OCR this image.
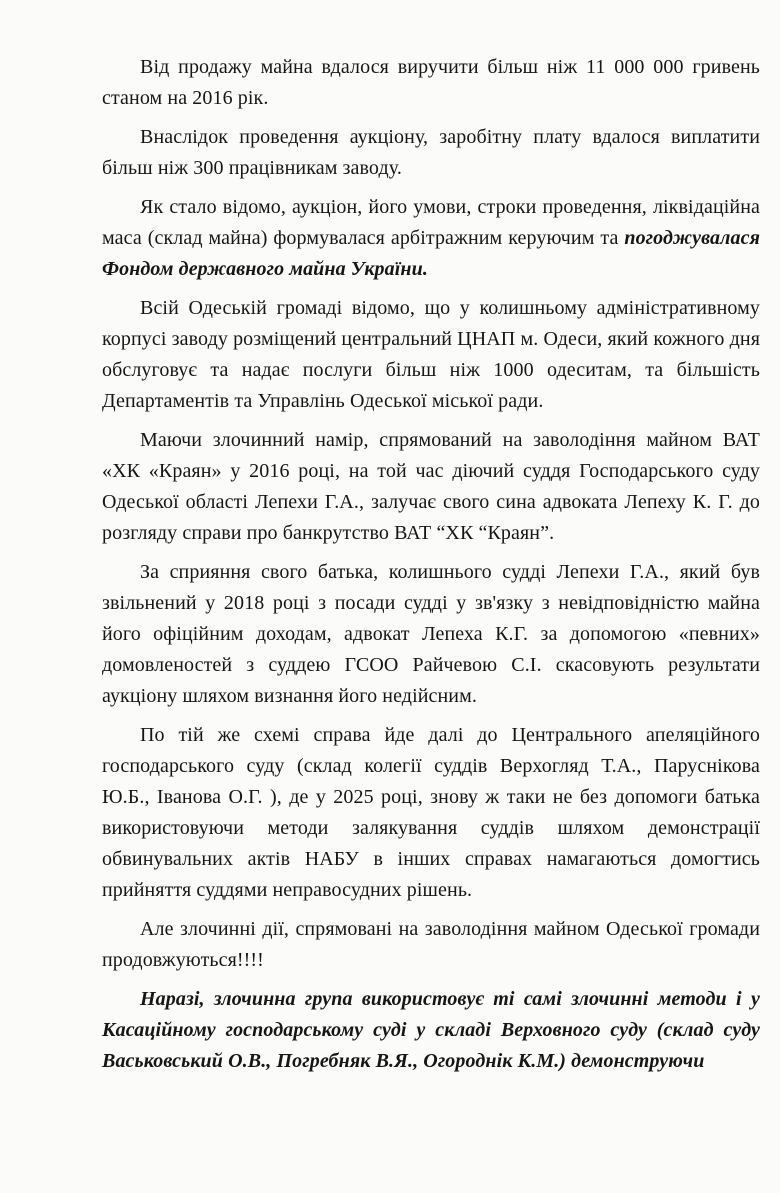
Від продажу майна вдалося виручити більш ніж 11 000 000 гривень станом на 2016 рік.

Внаслідок проведення аукціону, заробітну плату вдалося виплатити більш ніж 300 працівникам заводу.

Як стало відомо, аукціон, його умови, строки проведення, ліквідаційна маса (склад майна) формувалася арбітражним керуючим та погоджувалася Фондом державного майна України.

Всій Одеській громаді відомо, що у колишньому адміністративному корпусі заводу розміщений центральний ЦНАП м. Одеси, який кожного дня обслуговує та надає послуги більш ніж 1000 одеситам, та більшість Департаментів та Управлінь Одеської міської ради.

Маючи злочинний намір, спрямований на заволодіння майном ВАТ «ХК «Краян» у 2016 році, на той час діючий суддя Господарського суду Одеської області Лепехи Г.А., залучає свого сина адвоката Лепеху К. Г. до розгляду справи про банкрутство ВАТ “ХК “Краян”.

За сприяння свого батька, колишнього судді Лепехи Г.А., який був звільнений у 2018 році з посади судді у зв'язку з невідповідністю майна його офіційним доходам, адвокат Лепеха К.Г. за допомогою «певних» домовленостей з суддею ГСОО Райчевою С.І. скасовують результати аукціону шляхом визнання його недійсним.

По тій же схемі справа йде далі до Центрального апеляційного господарського суду (склад колегії суддів Верхогляд Т.А., Паруснікова Ю.Б., Іванова О.Г. ), де у 2025 році, знову ж таки не без допомоги батька використовуючи методи залякування суддів шляхом демонстрації обвинувальних актів НАБУ в інших справах намагаються домогтись прийняття суддями неправосудних рішень.

Але злочинні дії, спрямовані на заволодіння майном Одеської громади продовжуються!!!!

Наразі, злочинна група використовує ті самі злочинні методи і у Касаційному господарському суді у складі Верховного суду (склад суду Васьковський О.В., Погребняк В.Я., Огороднік К.М.) демонструючи
